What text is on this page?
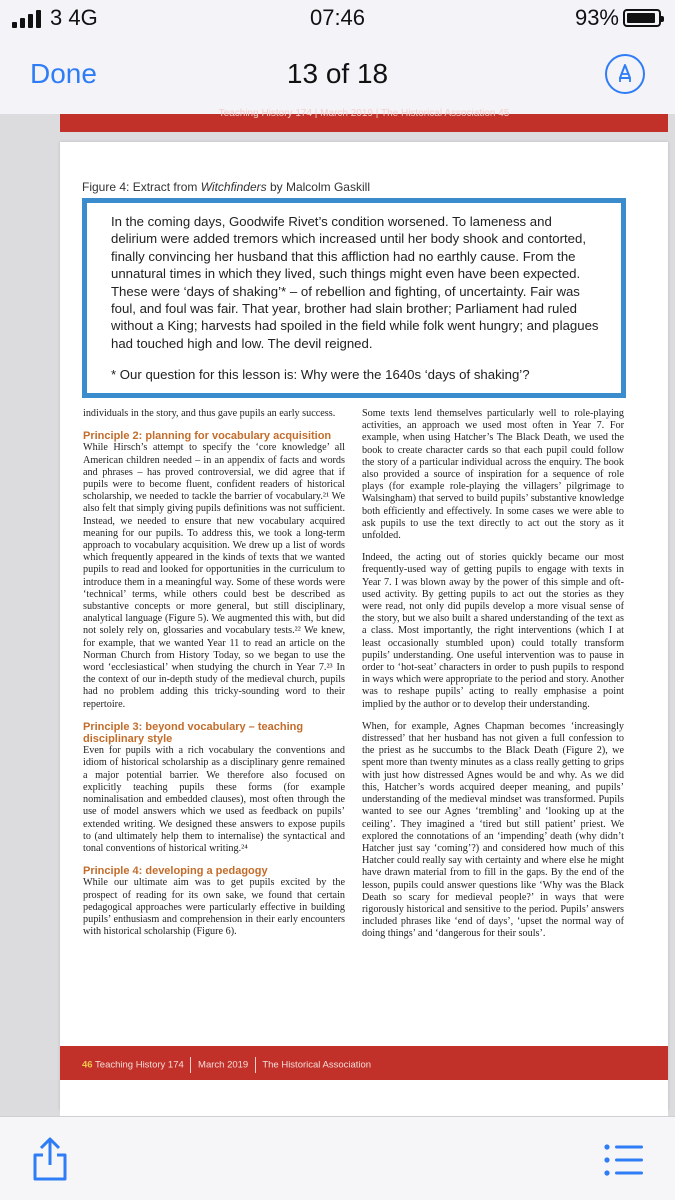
3 4G	07:46	93%
Done	13 of 18
Teaching History 174 | March 2019 | The Historical Association 45
Figure 4: Extract from Witchfinders by Malcolm Gaskill

In the coming days, Goodwife Rivet’s condition worsened. To lameness and delirium were added tremors which increased until her body shook and contorted, finally convincing her husband that this affliction had no earthly cause. From the unnatural times in which they lived, such things might even have been expected. These were ‘days of shaking’* – of rebellion and fighting, of uncertainty. Fair was foul, and foul was fair. That year, brother had slain brother; Parliament had ruled without a King; harvests had spoiled in the field while folk went hungry; and plagues had touched high and low. The devil reigned.

* Our question for this lesson is: Why were the 1640s ‘days of shaking’?

individuals in the story, and thus gave pupils an early success.

Principle 2: planning for vocabulary acquisition

While Hirsch’s attempt to specify the ‘core knowledge’ all American children needed – in an appendix of facts and words and phrases – has proved controversial, we did agree that if pupils were to become fluent, confident readers of historical scholarship, we needed to tackle the barrier of vocabulary.²¹ We also felt that simply giving pupils definitions was not sufficient. Instead, we needed to ensure that new vocabulary acquired meaning for our pupils. To address this, we took a long-term approach to vocabulary acquisition. We drew up a list of words which frequently appeared in the kinds of texts that we wanted pupils to read and looked for opportunities in the curriculum to introduce them in a meaningful way. Some of these words were ‘technical’ terms, while others could best be described as substantive concepts or more general, but still disciplinary, analytical language (Figure 5). We augmented this with, but did not solely rely on, glossaries and vocabulary tests.²² We knew, for example, that we wanted Year 11 to read an article on the Norman Church from History Today, so we began to use the word ‘ecclesiastical’ when studying the church in Year 7.²³ In the context of our in-depth study of the medieval church, pupils had no problem adding this tricky-sounding word to their repertoire.

Principle 3: beyond vocabulary – teaching disciplinary style

Even for pupils with a rich vocabulary the conventions and idiom of historical scholarship as a disciplinary genre remained a major potential barrier. We therefore also focused on explicitly teaching pupils these forms (for example nominalisation and embedded clauses), most often through the use of model answers which we used as feedback on pupils’ extended writing. We designed these answers to expose pupils to (and ultimately help them to internalise) the syntactical and tonal conventions of historical writing.²⁴

Principle 4: developing a pedagogy

While our ultimate aim was to get pupils excited by the prospect of reading for its own sake, we found that certain pedagogical approaches were particularly effective in building pupils’ enthusiasm and comprehension in their early encounters with historical scholarship (Figure 6).

Some texts lend themselves particularly well to role-playing activities, an approach we used most often in Year 7. For example, when using Hatcher’s The Black Death, we used the book to create character cards so that each pupil could follow the story of a particular individual across the enquiry. The book also provided a source of inspiration for a sequence of role plays (for example role-playing the villagers’ pilgrimage to Walsingham) that served to build pupils’ substantive knowledge both efficiently and effectively. In some cases we were able to ask pupils to use the text directly to act out the story as it unfolded.

Indeed, the acting out of stories quickly became our most frequently-used way of getting pupils to engage with texts in Year 7. I was blown away by the power of this simple and oft-used activity. By getting pupils to act out the stories as they were read, not only did pupils develop a more visual sense of the story, but we also built a shared understanding of the text as a class. Most importantly, the right interventions (which I at least occasionally stumbled upon) could totally transform pupils’ understanding. One useful intervention was to pause in order to ‘hot-seat’ characters in order to push pupils to respond in ways which were appropriate to the period and story. Another was to reshape pupils’ acting to really emphasise a point implied by the author or to develop their understanding.

When, for example, Agnes Chapman becomes ‘increasingly distressed’ that her husband has not given a full confession to the priest as he succumbs to the Black Death (Figure 2), we spent more than twenty minutes as a class really getting to grips with just how distressed Agnes would be and why. As we did this, Hatcher’s words acquired deeper meaning, and pupils’ understanding of the medieval mindset was transformed. Pupils wanted to see our Agnes ‘trembling’ and ‘looking up at the ceiling’. They imagined a ‘tired but still patient’ priest. We explored the connotations of an ‘impending’ death (why didn’t Hatcher just say ‘coming’?) and considered how much of this Hatcher could really say with certainty and where else he might have drawn material from to fill in the gaps. By the end of the lesson, pupils could answer questions like ‘Why was the Black Death so scary for medieval people?’ in ways that were rigorously historical and sensitive to the period. Pupils’ answers included phrases like ‘end of days’, ‘upset the normal way of doing things’ and ‘dangerous for their souls’.

46 Teaching History 174 March 2019 The Historical Association
